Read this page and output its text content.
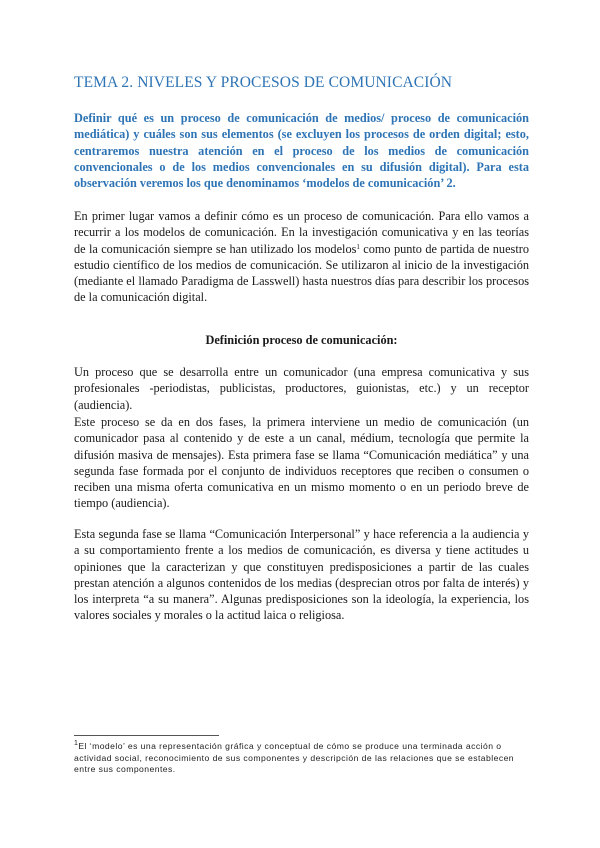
TEMA 2. NIVELES Y PROCESOS DE COMUNICACIÓN

Definir qué es un proceso de comunicación de medios/ proceso de comunicación mediática) y cuáles son sus elementos (se excluyen los procesos de orden digital; esto, centraremos nuestra atención en el proceso de los medios de comunicación convencionales o de los medios convencionales en su difusión digital). Para esta observación veremos los que denominamos ‘modelos de comunicación’ 2.

En primer lugar vamos a definir cómo es un proceso de comunicación. Para ello vamos a recurrir a los modelos de comunicación. En la investigación comunicativa y en las teorías de la comunicación siempre se han utilizado los modelos$^1$ como punto de partida de nuestro estudio científico de los medios de comunicación. Se utilizaron al inicio de la investigación (mediante el llamado Paradigma de Lasswell) hasta nuestros días para describir los procesos de la comunicación digital.

Definición proceso de comunicación:

Un proceso que se desarrolla entre un comunicador (una empresa comunicativa y sus profesionales -periodistas, publicistas, productores, guionistas, etc.) y un receptor (audiencia).

Este proceso se da en dos fases, la primera interviene un medio de comunicación (un comunicador pasa al contenido y de este a un canal, médium, tecnología que permite la difusión masiva de mensajes). Esta primera fase se llama “Comunicación mediática” y una segunda fase formada por el conjunto de individuos receptores que reciben o consumen o reciben una misma oferta comunicativa en un mismo momento o en un periodo breve de tiempo (audiencia).

Esta segunda fase se llama “Comunicación Interpersonal” y hace referencia a la audiencia y a su comportamiento frente a los medios de comunicación, es diversa y tiene actitudes u opiniones que la caracterizan y que constituyen predisposiciones a partir de las cuales prestan atención a algunos contenidos de los medias (desprecian otros por falta de interés) y los interpreta “a su manera”. Algunas predisposiciones son la ideología, la experiencia, los valores sociales y morales o la actitud laica o religiosa.

$^1$El ‘modelo’ es una representación gráfica y conceptual de cómo se produce una terminada acción o actividad social, reconocimiento de sus componentes y descripción de las relaciones que se establecen entre sus componentes.
